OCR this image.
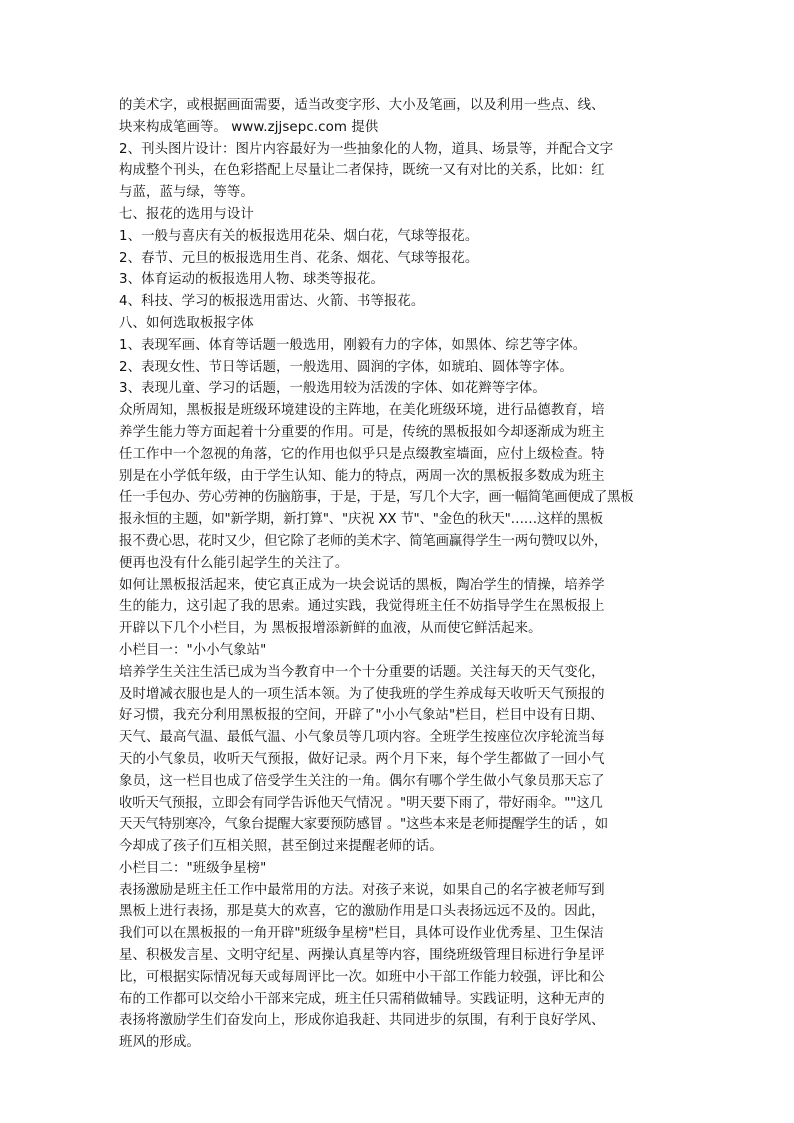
的美术字，或根据画面需要，适当改变字形、大小及笔画，以及利用一些点、线、
块来构成笔画等。 www.zjjsepc.com 提供
2、刊头图片设计：图片内容最好为一些抽象化的人物，道具、场景等，并配合文字
构成整个刊头，在色彩搭配上尽量让二者保持，既统一又有对比的关系，比如：红
与蓝，蓝与绿，等等。
七、报花的选用与设计
1、一般与喜庆有关的板报选用花朵、烟白花，气球等报花。
2、春节、元旦的板报选用生肖、花条、烟花、气球等报花。
3、体育运动的板报选用人物、球类等报花。
4、科技、学习的板报选用雷达、火箭、书等报花。
八、如何选取板报字体
1、表现军画、体育等话题一般选用，刚毅有力的字体，如黑体、综艺等字体。
2、表现女性、节日等话题，一般选用、圆润的字体，如琥珀、圆体等字体。
3、表现儿童、学习的话题，一般选用较为活泼的字体、如花辫等字体。
众所周知，黑板报是班级环境建设的主阵地，在美化班级环境，进行品德教育，培
养学生能力等方面起着十分重要的作用。可是，传统的黑板报如今却逐渐成为班主
任工作中一个忽视的角落，它的作用也似乎只是点缀教室墙面，应付上级检查。特
别是在小学低年级，由于学生认知、能力的特点，两周一次的黑板报多数成为班主
任一手包办、劳心劳神的伤脑筋事，于是，于是，写几个大字，画一幅简笔画便成了黑板
报永恒的主题，如"新学期，新打算"、"庆祝 XX 节"、"金色的秋天"……这样的黑板
报不费心思，花时又少，但它除了老师的美术字、简笔画赢得学生一两句赞叹以外，
便再也没有什么能引起学生的关注了。
如何让黑板报活起来，使它真正成为一块会说话的黑板，陶冶学生的情操，培养学
生的能力，这引起了我的思索。通过实践，我觉得班主任不妨指导学生在黑板报上
开辟以下几个小栏目，为 黑板报增添新鲜的血液，从而使它鲜活起来。
小栏目一："小小气象站"
培养学生关注生活已成为当今教育中一个十分重要的话题。关注每天的天气变化，
及时增减衣服也是人的一项生活本领。为了使我班的学生养成每天收听天气预报的
好习惯，我充分利用黑板报的空间，开辟了"小小气象站"栏目，栏目中设有日期、
天气、最高气温、最低气温、小气象员等几项内容。全班学生按座位次序轮流当每
天的小气象员，收听天气预报，做好记录。两个月下来，每个学生都做了一回小气
象员，这一栏目也成了倍受学生关注的一角。偶尔有哪个学生做小气象员那天忘了
收听天气预报，立即会有同学告诉他天气情况 。"明天要下雨了，带好雨伞。""这几
天天气特别寒冷，气象台提醒大家要预防感冒 。"这些本来是老师提醒学生的话 ，如
今却成了孩子们互相关照，甚至倒过来提醒老师的话。
小栏目二："班级争星榜"
表扬激励是班主任工作中最常用的方法。对孩子来说，如果自己的名字被老师写到
黑板上进行表扬，那是莫大的欢喜，它的激励作用是口头表扬远远不及的。因此，
我们可以在黑板报的一角开辟"班级争星榜"栏目，具体可设作业优秀星、卫生保洁
星、积极发言星、文明守纪星、两操认真星等内容，围绕班级管理目标进行争星评
比，可根据实际情况每天或每周评比一次。如班中小干部工作能力较强，评比和公
布的工作都可以交给小干部来完成，班主任只需稍做辅导。实践证明，这种无声的
表扬将激励学生们奋发向上，形成你追我赶、共同进步的氛围，有利于良好学风、
班风的形成。
